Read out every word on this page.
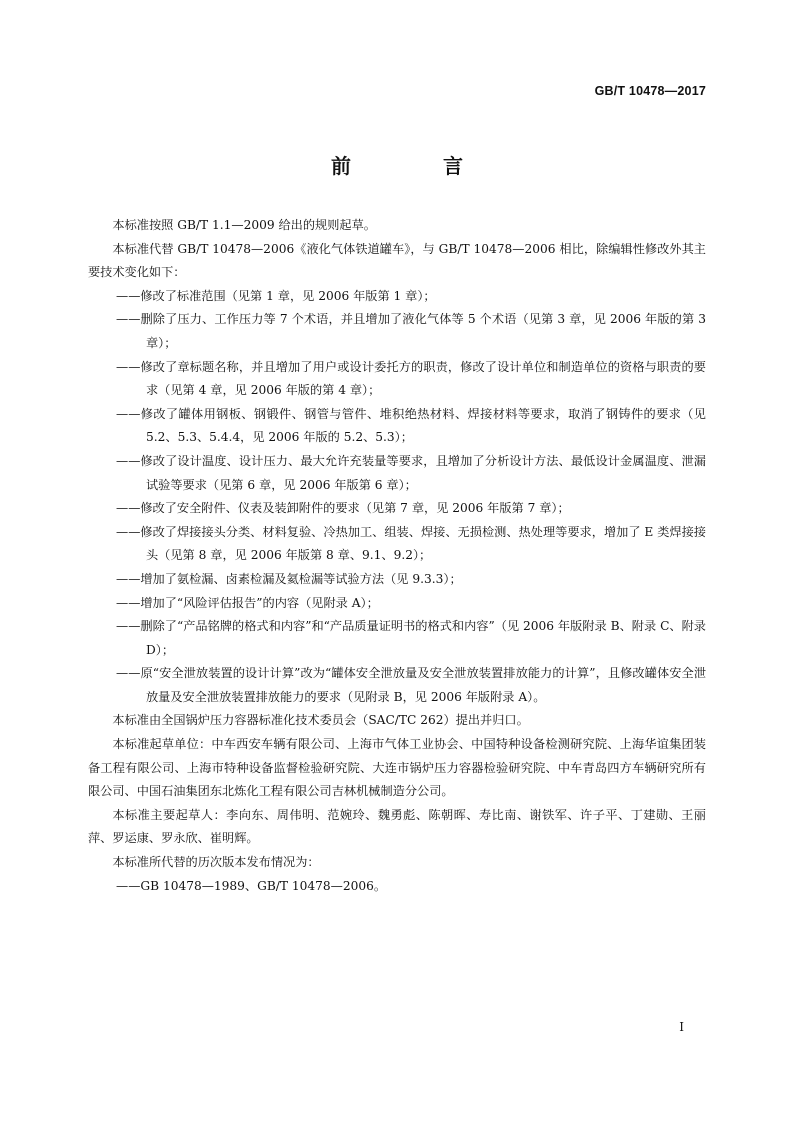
GB/T 10478—2017
前　言

本标准按照 GB/T 1.1—2009 给出的规则起草。

本标准代替 GB/T 10478—2006《液化气体铁道罐车》，与 GB/T 10478—2006 相比，除编辑性修改外其主要技术变化如下：

——修改了标准范围（见第 1 章，见 2006 年版第 1 章）；

——删除了压力、工作压力等 7 个术语，并且增加了液化气体等 5 个术语（见第 3 章，见 2006 年版的第 3 章）；

——修改了章标题名称，并且增加了用户或设计委托方的职责，修改了设计单位和制造单位的资格与职责的要求（见第 4 章，见 2006 年版的第 4 章）；

——修改了罐体用钢板、钢锻件、钢管与管件、堆积绝热材料、焊接材料等要求，取消了钢铸件的要求（见 5.2、5.3、5.4.4，见 2006 年版的 5.2、5.3）；

——修改了设计温度、设计压力、最大允许充装量等要求，且增加了分析设计方法、最低设计金属温度、泄漏试验等要求（见第 6 章，见 2006 年版第 6 章）；

——修改了安全附件、仪表及装卸附件的要求（见第 7 章，见 2006 年版第 7 章）；

——修改了焊接接头分类、材料复验、冷热加工、组装、焊接、无损检测、热处理等要求，增加了 E 类焊接接头（见第 8 章，见 2006 年版第 8 章、9.1、9.2）；

——增加了氨检漏、卤素检漏及氦检漏等试验方法（见 9.3.3）；

——增加了“风险评估报告”的内容（见附录 A）；

——删除了“产品铭牌的格式和内容”和“产品质量证明书的格式和内容”（见 2006 年版附录 B、附录 C、附录 D）；

——原“安全泄放装置的设计计算”改为“罐体安全泄放量及安全泄放装置排放能力的计算”，且修改罐体安全泄放量及安全泄放装置排放能力的要求（见附录 B，见 2006 年版附录 A）。

本标准由全国锅炉压力容器标准化技术委员会（SAC/TC 262）提出并归口。

本标准起草单位：中车西安车辆有限公司、上海市气体工业协会、中国特种设备检测研究院、上海华谊集团装备工程有限公司、上海市特种设备监督检验研究院、大连市锅炉压力容器检验研究院、中车青岛四方车辆研究所有限公司、中国石油集团东北炼化工程有限公司吉林机械制造分公司。

本标准主要起草人：李向东、周伟明、范婉玲、魏勇彪、陈朝晖、寿比南、谢铁军、许子平、丁建勋、王丽萍、罗运康、罗永欣、崔明辉。

本标准所代替的历次版本发布情况为：

——GB 10478—1989、GB/T 10478—2006。

I
